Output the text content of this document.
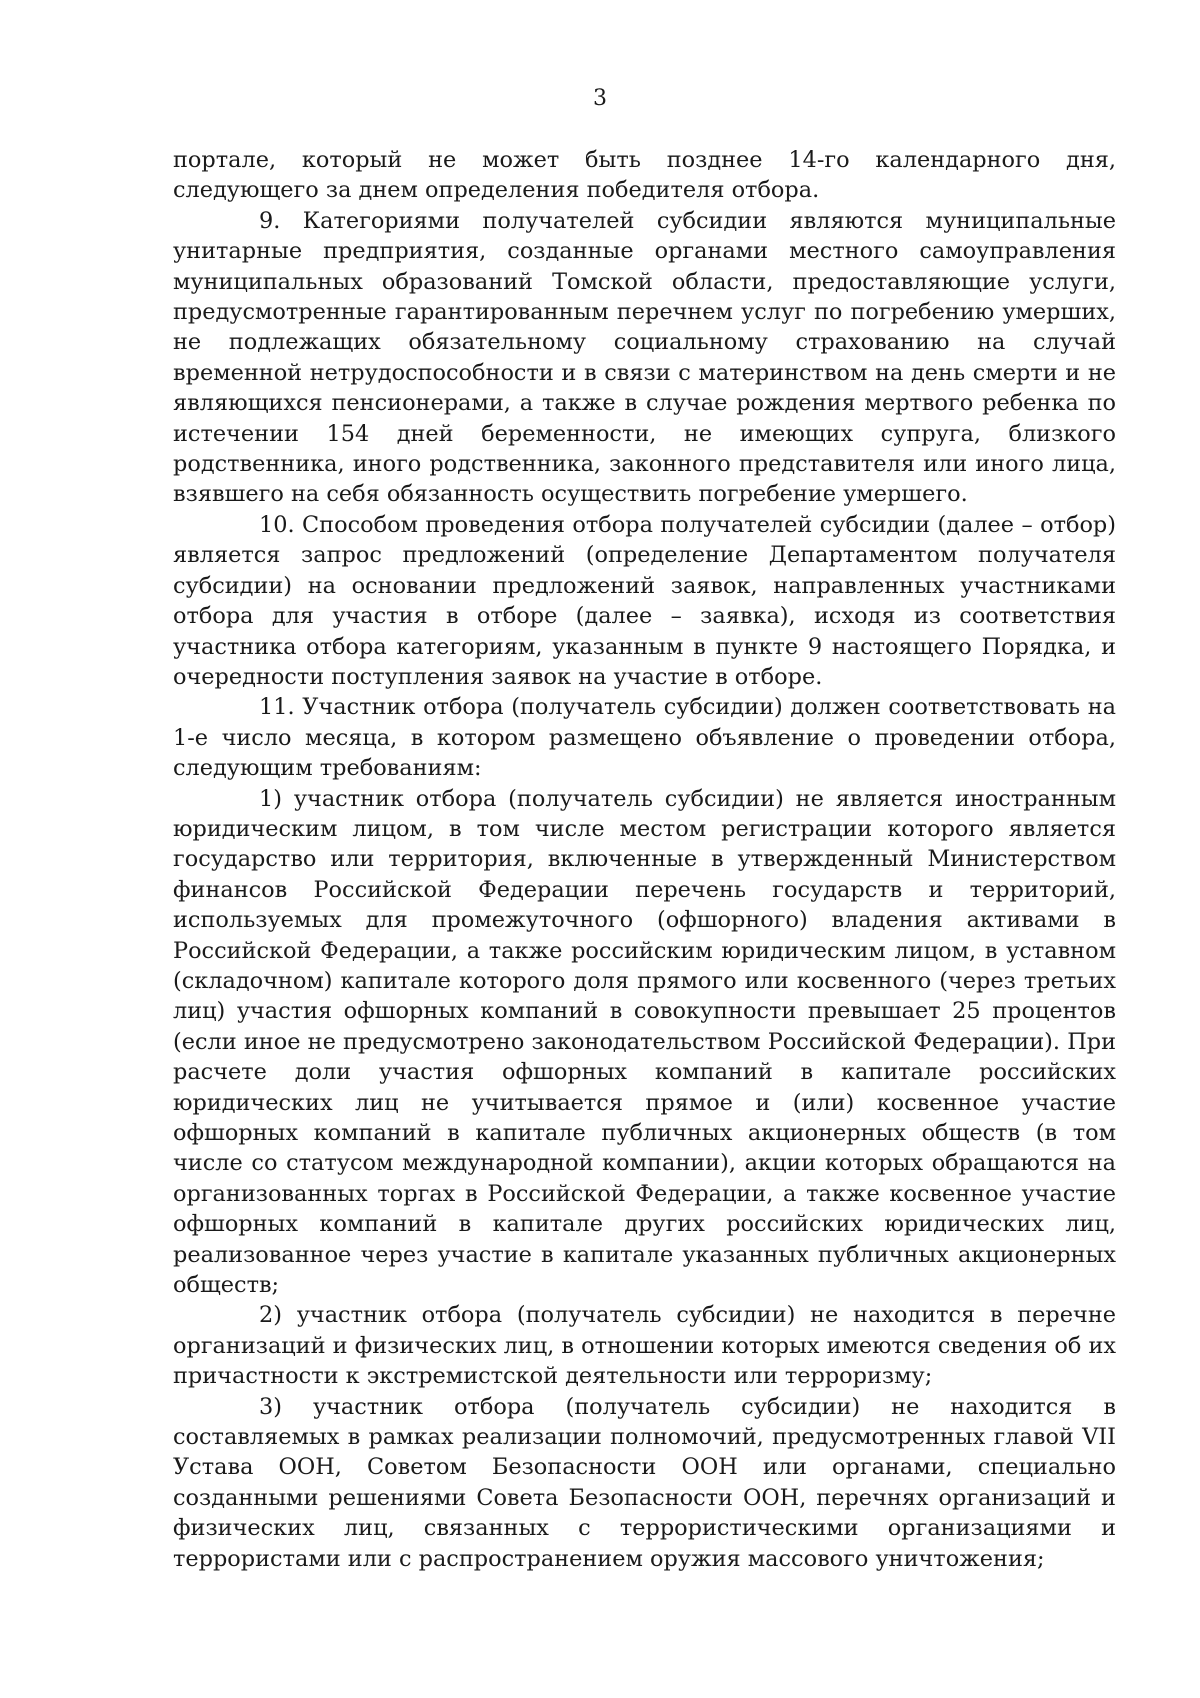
3

портале, который не может быть позднее 14-го календарного дня, следующего за днем определения победителя отбора.

9. Категориями получателей субсидии являются муниципальные унитарные предприятия, созданные органами местного самоуправления муниципальных образований Томской области, предоставляющие услуги, предусмотренные гарантированным перечнем услуг по погребению умерших, не подлежащих обязательному социальному страхованию на случай временной нетрудоспособности и в связи с материнством на день смерти и не являющихся пенсионерами, а также в случае рождения мертвого ребенка по истечении 154 дней беременности, не имеющих супруга, близкого родственника, иного родственника, законного представителя или иного лица, взявшего на себя обязанность осуществить погребение умершего.

10. Способом проведения отбора получателей субсидии (далее – отбор) является запрос предложений (определение Департаментом получателя субсидии) на основании предложений заявок, направленных участниками отбора для участия в отборе (далее – заявка), исходя из соответствия участника отбора категориям, указанным в пункте 9 настоящего Порядка, и очередности поступления заявок на участие в отборе.

11. Участник отбора (получатель субсидии) должен соответствовать на 1-е число месяца, в котором размещено объявление о проведении отбора, следующим требованиям:

1) участник отбора (получатель субсидии) не является иностранным юридическим лицом, в том числе местом регистрации которого является государство или территория, включенные в утвержденный Министерством финансов Российской Федерации перечень государств и территорий, используемых для промежуточного (офшорного) владения активами в Российской Федерации, а также российским юридическим лицом, в уставном (складочном) капитале которого доля прямого или косвенного (через третьих лиц) участия офшорных компаний в совокупности превышает 25 процентов (если иное не предусмотрено законодательством Российской Федерации). При расчете доли участия офшорных компаний в капитале российских юридических лиц не учитывается прямое и (или) косвенное участие офшорных компаний в капитале публичных акционерных обществ (в том числе со статусом международной компании), акции которых обращаются на организованных торгах в Российской Федерации, а также косвенное участие офшорных компаний в капитале других российских юридических лиц, реализованное через участие в капитале указанных публичных акционерных обществ;

2) участник отбора (получатель субсидии) не находится в перечне организаций и физических лиц, в отношении которых имеются сведения об их причастности к экстремистской деятельности или терроризму;

3) участник отбора (получатель субсидии) не находится в составляемых в рамках реализации полномочий, предусмотренных главой VII Устава ООН, Советом Безопасности ООН или органами, специально созданными решениями Совета Безопасности ООН, перечнях организаций и физических лиц, связанных с террористическими организациями и террористами или с распространением оружия массового уничтожения;
